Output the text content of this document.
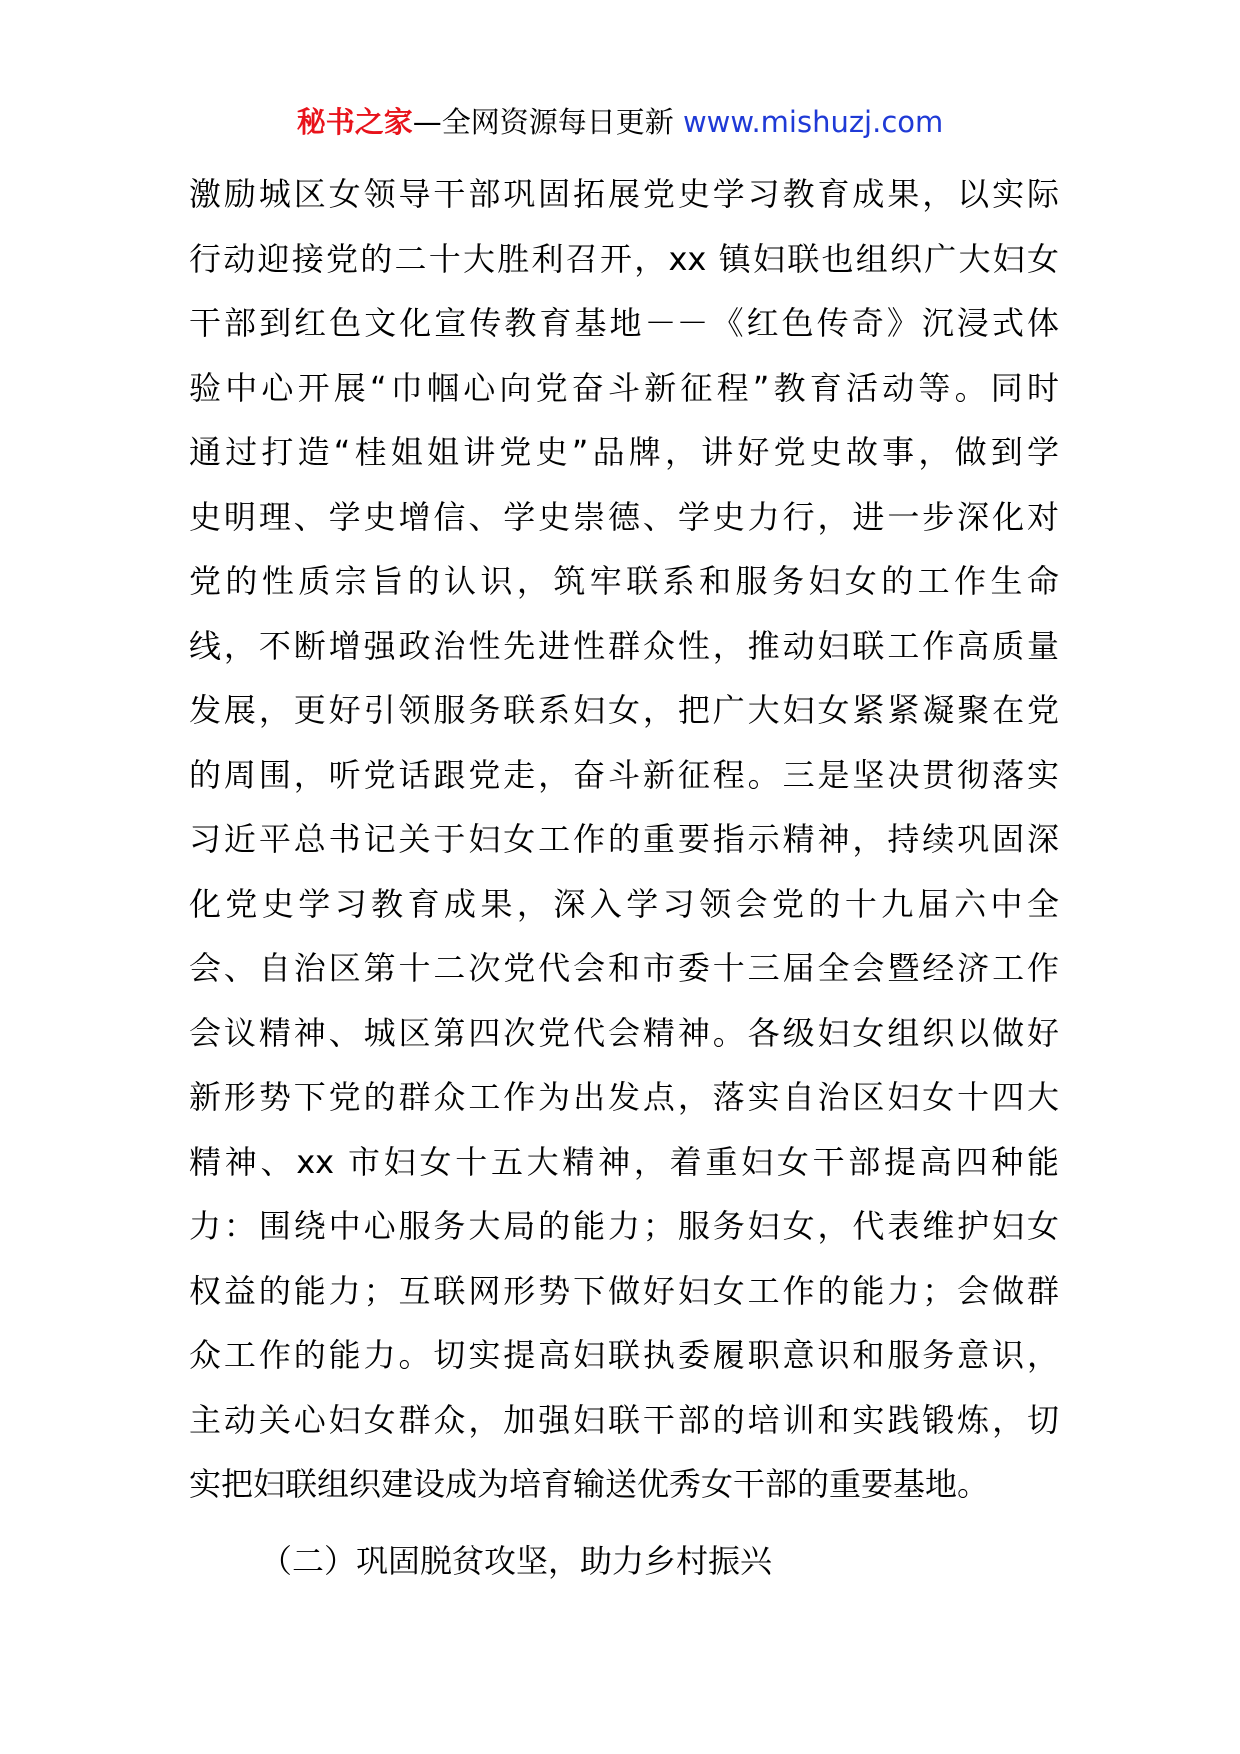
秘书之家—全网资源每日更新 www.mishuzj.com
激励城区女领导干部巩固拓展党史学习教育成果，以实际
行动迎接党的二十大胜利召开，xx 镇妇联也组织广大妇女
干部到红色文化宣传教育基地－－《红色传奇》沉浸式体
验中心开展“巾帼心向党奋斗新征程”教育活动等。同时
通过打造“桂姐姐讲党史”品牌，讲好党史故事，做到学
史明理、学史增信、学史崇德、学史力行，进一步深化对
党的性质宗旨的认识，筑牢联系和服务妇女的工作生命
线，不断增强政治性先进性群众性，推动妇联工作高质量
发展，更好引领服务联系妇女，把广大妇女紧紧凝聚在党
的周围，听党话跟党走，奋斗新征程。三是坚决贯彻落实
习近平总书记关于妇女工作的重要指示精神，持续巩固深
化党史学习教育成果，深入学习领会党的十九届六中全
会、自治区第十二次党代会和市委十三届全会暨经济工作
会议精神、城区第四次党代会精神。各级妇女组织以做好
新形势下党的群众工作为出发点，落实自治区妇女十四大
精神、xx 市妇女十五大精神，着重妇女干部提高四种能
力：围绕中心服务大局的能力；服务妇女，代表维护妇女
权益的能力；互联网形势下做好妇女工作的能力；会做群
众工作的能力。切实提高妇联执委履职意识和服务意识，
主动关心妇女群众，加强妇联干部的培训和实践锻炼，切
实把妇联组织建设成为培育输送优秀女干部的重要基地。
（二）巩固脱贫攻坚，助力乡村振兴
